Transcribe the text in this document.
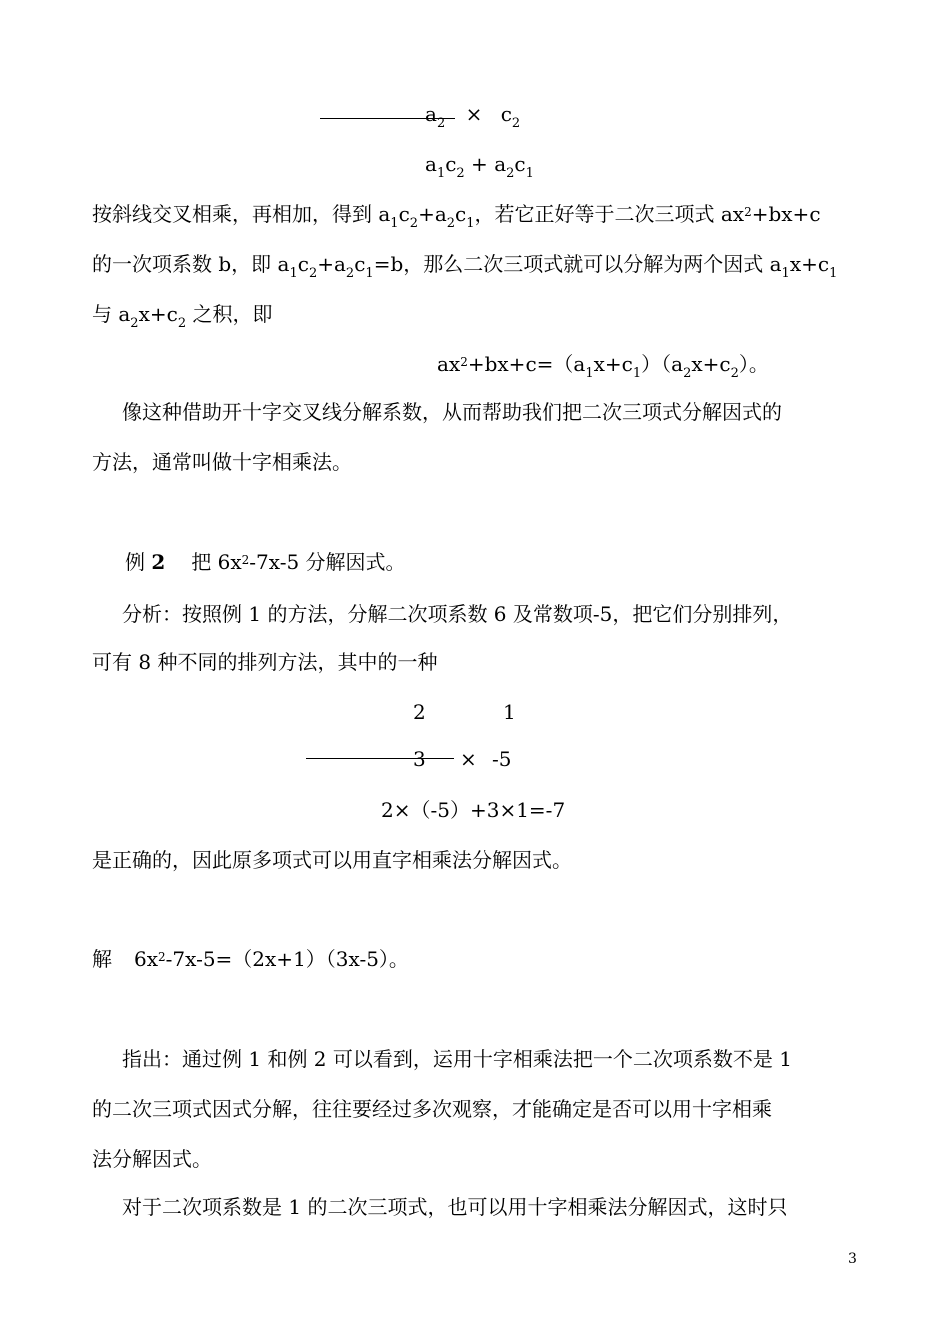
$a_2 \times c_2$
$a_1c_2 + a_2c_1$
按斜线交叉相乘，再相加，得到 $a_1c_2+a_2c_1$，若它正好等于二次三项式 $ax^2+bx+c$
的一次项系数 b，即 $a_1c_2+a_2c_1=b$，那么二次三项式就可以分解为两个因式 $a_1x+c_1$
与 $a_2x+c_2$ 之积，即
$ax^2+bx+c=(a_1x+c_1)(a_2x+c_2)$。
像这种借助开十字交叉线分解系数，从而帮助我们把二次三项式分解因式的
方法，通常叫做十字相乘法。
例 2 把 $6x^2-7x-5$ 分解因式。
分析：按照例 1 的方法，分解二次项系数 6 及常数项-5，把它们分别排列，
可有 8 种不同的排列方法，其中的一种
2	1
3 × -5
2×（-5）+3×1=-7
是正确的，因此原多项式可以用直字相乘法分解因式。
解 $6x^2-7x-5=(2x+1)(3x-5)$。
指出：通过例 1 和例 2 可以看到，运用十字相乘法把一个二次项系数不是 1
的二次三项式因式分解，往往要经过多次观察，才能确定是否可以用十字相乘
法分解因式。
对于二次项系数是 1 的二次三项式，也可以用十字相乘法分解因式，这时只
3
